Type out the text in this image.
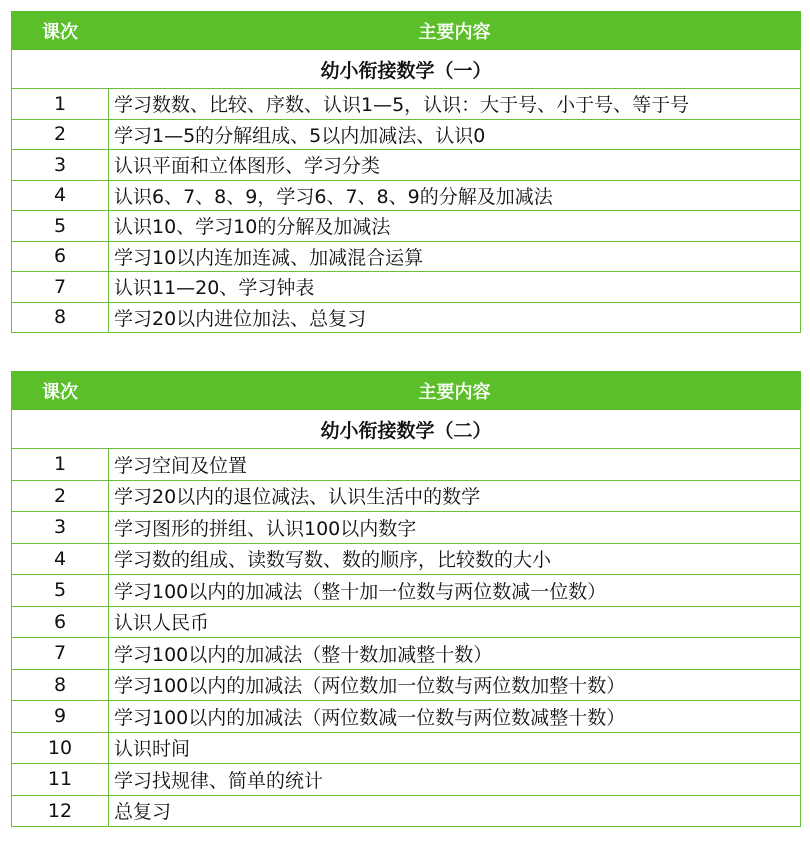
课次	主要内容
幼小衔接数学（一）	
1	学习数数、比较、序数、认识1—5，认识：大于号、小于号、等于号
2	学习1—5的分解组成、5以内加减法、认识0
3	认识平面和立体图形、学习分类
4	认识6、7、8、9，学习6、7、8、9的分解及加减法
5	认识10、学习10的分解及加减法
6	学习10以内连加连减、加减混合运算
7	认识11—20、学习钟表
8	学习20以内进位加法、总复习
课次	主要内容
幼小衔接数学（二）	
1	学习空间及位置
2	学习20以内的退位减法、认识生活中的数学
3	学习图形的拼组、认识100以内数字
4	学习数的组成、读数写数、数的顺序，比较数的大小
5	学习100以内的加减法（整十加一位数与两位数减一位数）
6	认识人民币
7	学习100以内的加减法（整十数加减整十数）
8	学习100以内的加减法（两位数加一位数与两位数加整十数）
9	学习100以内的加减法（两位数减一位数与两位数减整十数）
10	认识时间
11	学习找规律、简单的统计
12	总复习
